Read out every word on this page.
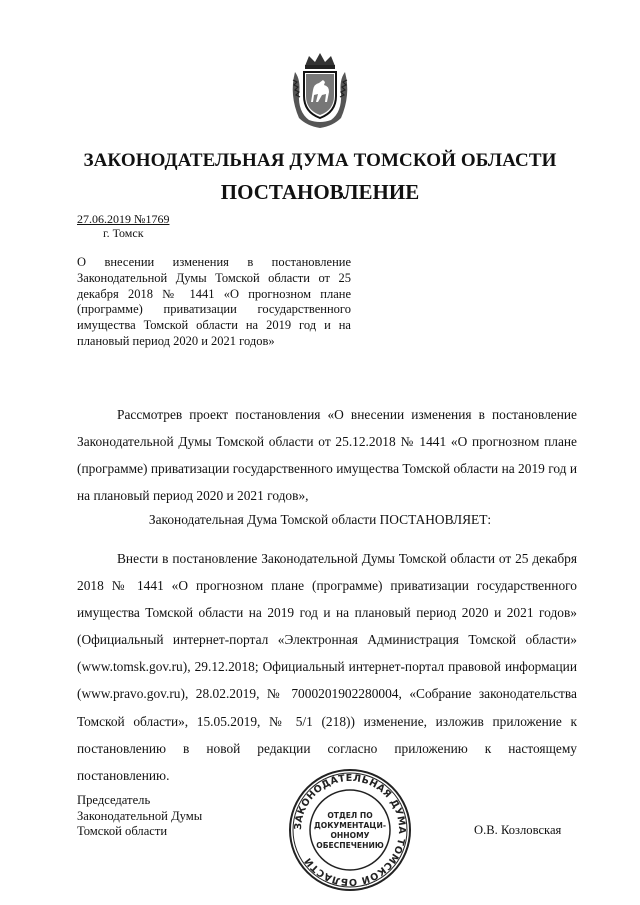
ЗАКОНОДАТЕЛЬНАЯ ДУМА ТОМСКОЙ ОБЛАСТИ
ПОСТАНОВЛЕНИЕ
27.06.2019 №1769
г. Томск
О внесении изменения в постановление Законодательной Думы Томской области от 25 декабря 2018 № 1441 «О прогнозном плане (программе) приватизации государственного имущества Томской области на 2019 год и на плановый период 2020 и 2021 годов»
Рассмотрев проект постановления «О внесении изменения в постановление Законодательной Думы Томской области от 25.12.2018 № 1441 «О прогнозном плане (программе) приватизации государственного имущества Томской области на 2019 год и на плановый период 2020 и 2021 годов»,
Законодательная Дума Томской области ПОСТАНОВЛЯЕТ:
Внести в постановление Законодательной Думы Томской области от 25 декабря 2018 № 1441 «О прогнозном плане (программе) приватизации государственного имущества Томской области на 2019 год и на плановый период 2020 и 2021 годов» (Официальный интернет-портал «Электронная Администрация Томской области» (www.tomsk.gov.ru), 29.12.2018; Официальный интернет-портал правовой информации (www.pravo.gov.ru), 28.02.2019, № 7000201902280004, «Собрание законодательства Томской области», 15.05.2019, № 5/1 (218)) изменение, изложив приложение к постановлению в новой редакции согласно приложению к настоящему постановлению.
Председатель
Законодательной Думы
Томской области	О.В. Козловская
ЗАКОНОДАТЕЛЬНАЯ ДУМА ТОМСКОЙ ОБЛАСТИ
ОТДЕЛ ПО
ДОКУМЕНТАЦИ-
ОННОМУ
ОБЕСПЕЧЕНИЮ
